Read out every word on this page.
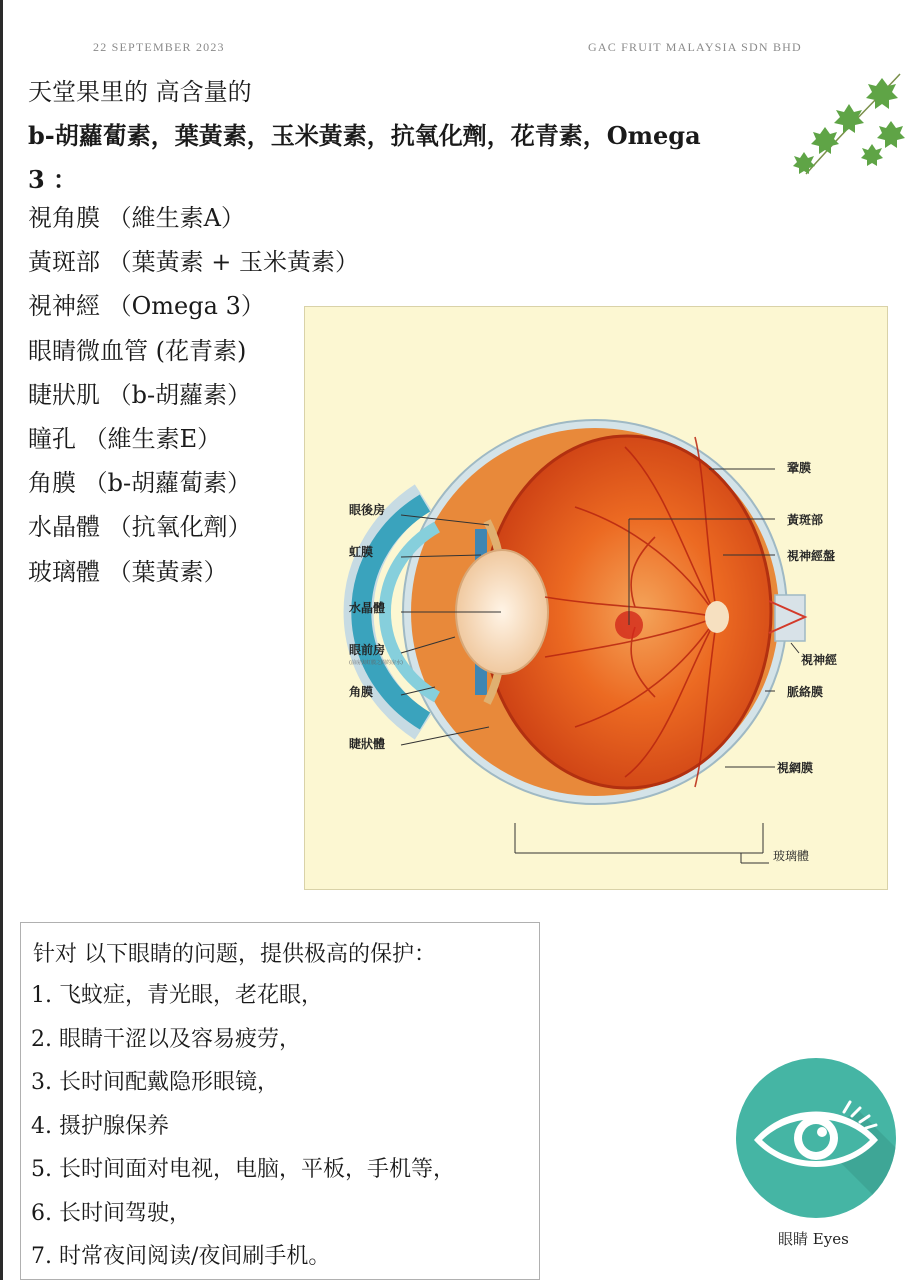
22 SEPTEMBER 2023	GAC FRUIT MALAYSIA SDN BHD
天堂果里的 高含量的
b-胡蘿蔔素，葉黃素，玉米黃素，抗氧化劑，花青素，Omega
3 ：
視角膜 （維生素A）
黃斑部 （葉黃素 + 玉米黃素）
視神經 （Omega 3）
眼睛微血管 (花青素)
睫狀肌 （b-胡蘿素）
瞳孔 （維生素E）
角膜 （b-胡蘿蔔素）
水晶體 （抗氧化劑）
玻璃體 （葉黃素）
眼後房
虹膜
水晶體
眼前房
(前房與虹膜之間的房水)
角膜
睫狀體
鞏膜
黃斑部
視神經盤
視神經
脈絡膜
視網膜
玻璃體
针对 以下眼睛的问题，提供极高的保护：
1. 飞蚊症，青光眼，老花眼，
2. 眼睛干涩以及容易疲劳，
3. 长时间配戴隐形眼镜，
4. 摄护腺保养
5. 长时间面对电视，电脑，平板，手机等，
6. 长时间驾驶，
7. 时常夜间阅读/夜间刷手机。
眼睛 Eyes
